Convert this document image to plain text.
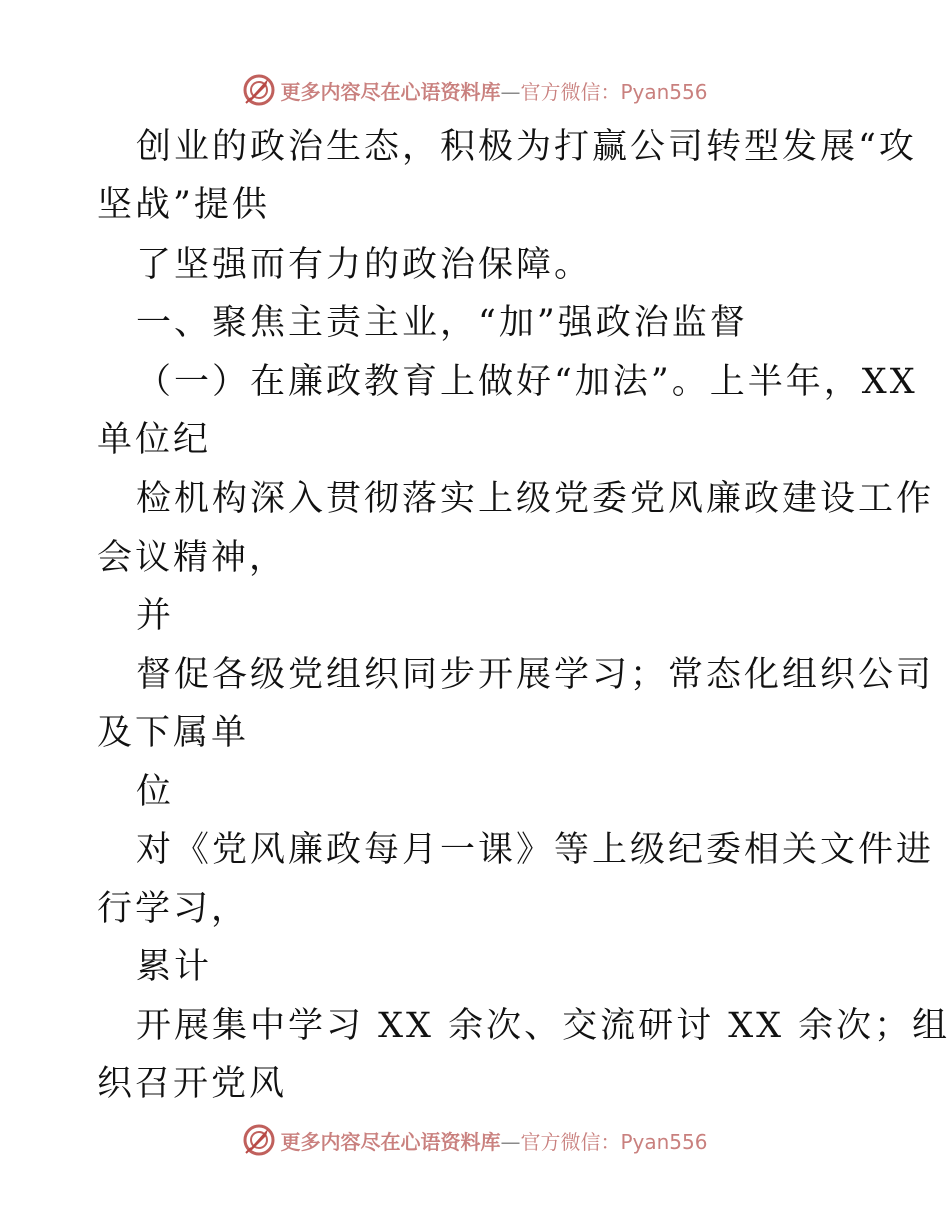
更多内容尽在心语资料库—官方微信：Pyan556
创业的政治生态，积极为打赢公司转型发展“攻
坚战”提供
了坚强而有力的政治保障。
一、聚焦主责主业，“加”强政治监督
（一）在廉政教育上做好“加法”。上半年，XX
单位纪
检机构深入贯彻落实上级党委党风廉政建设工作
会议精神，
并
督促各级党组织同步开展学习；常态化组织公司
及下属单
位
对《党风廉政每月一课》等上级纪委相关文件进
行学习，
累计
开展集中学习 XX 余次、交流研讨 XX 余次；组
织召开党风
更多内容尽在心语资料库—官方微信：Pyan556
